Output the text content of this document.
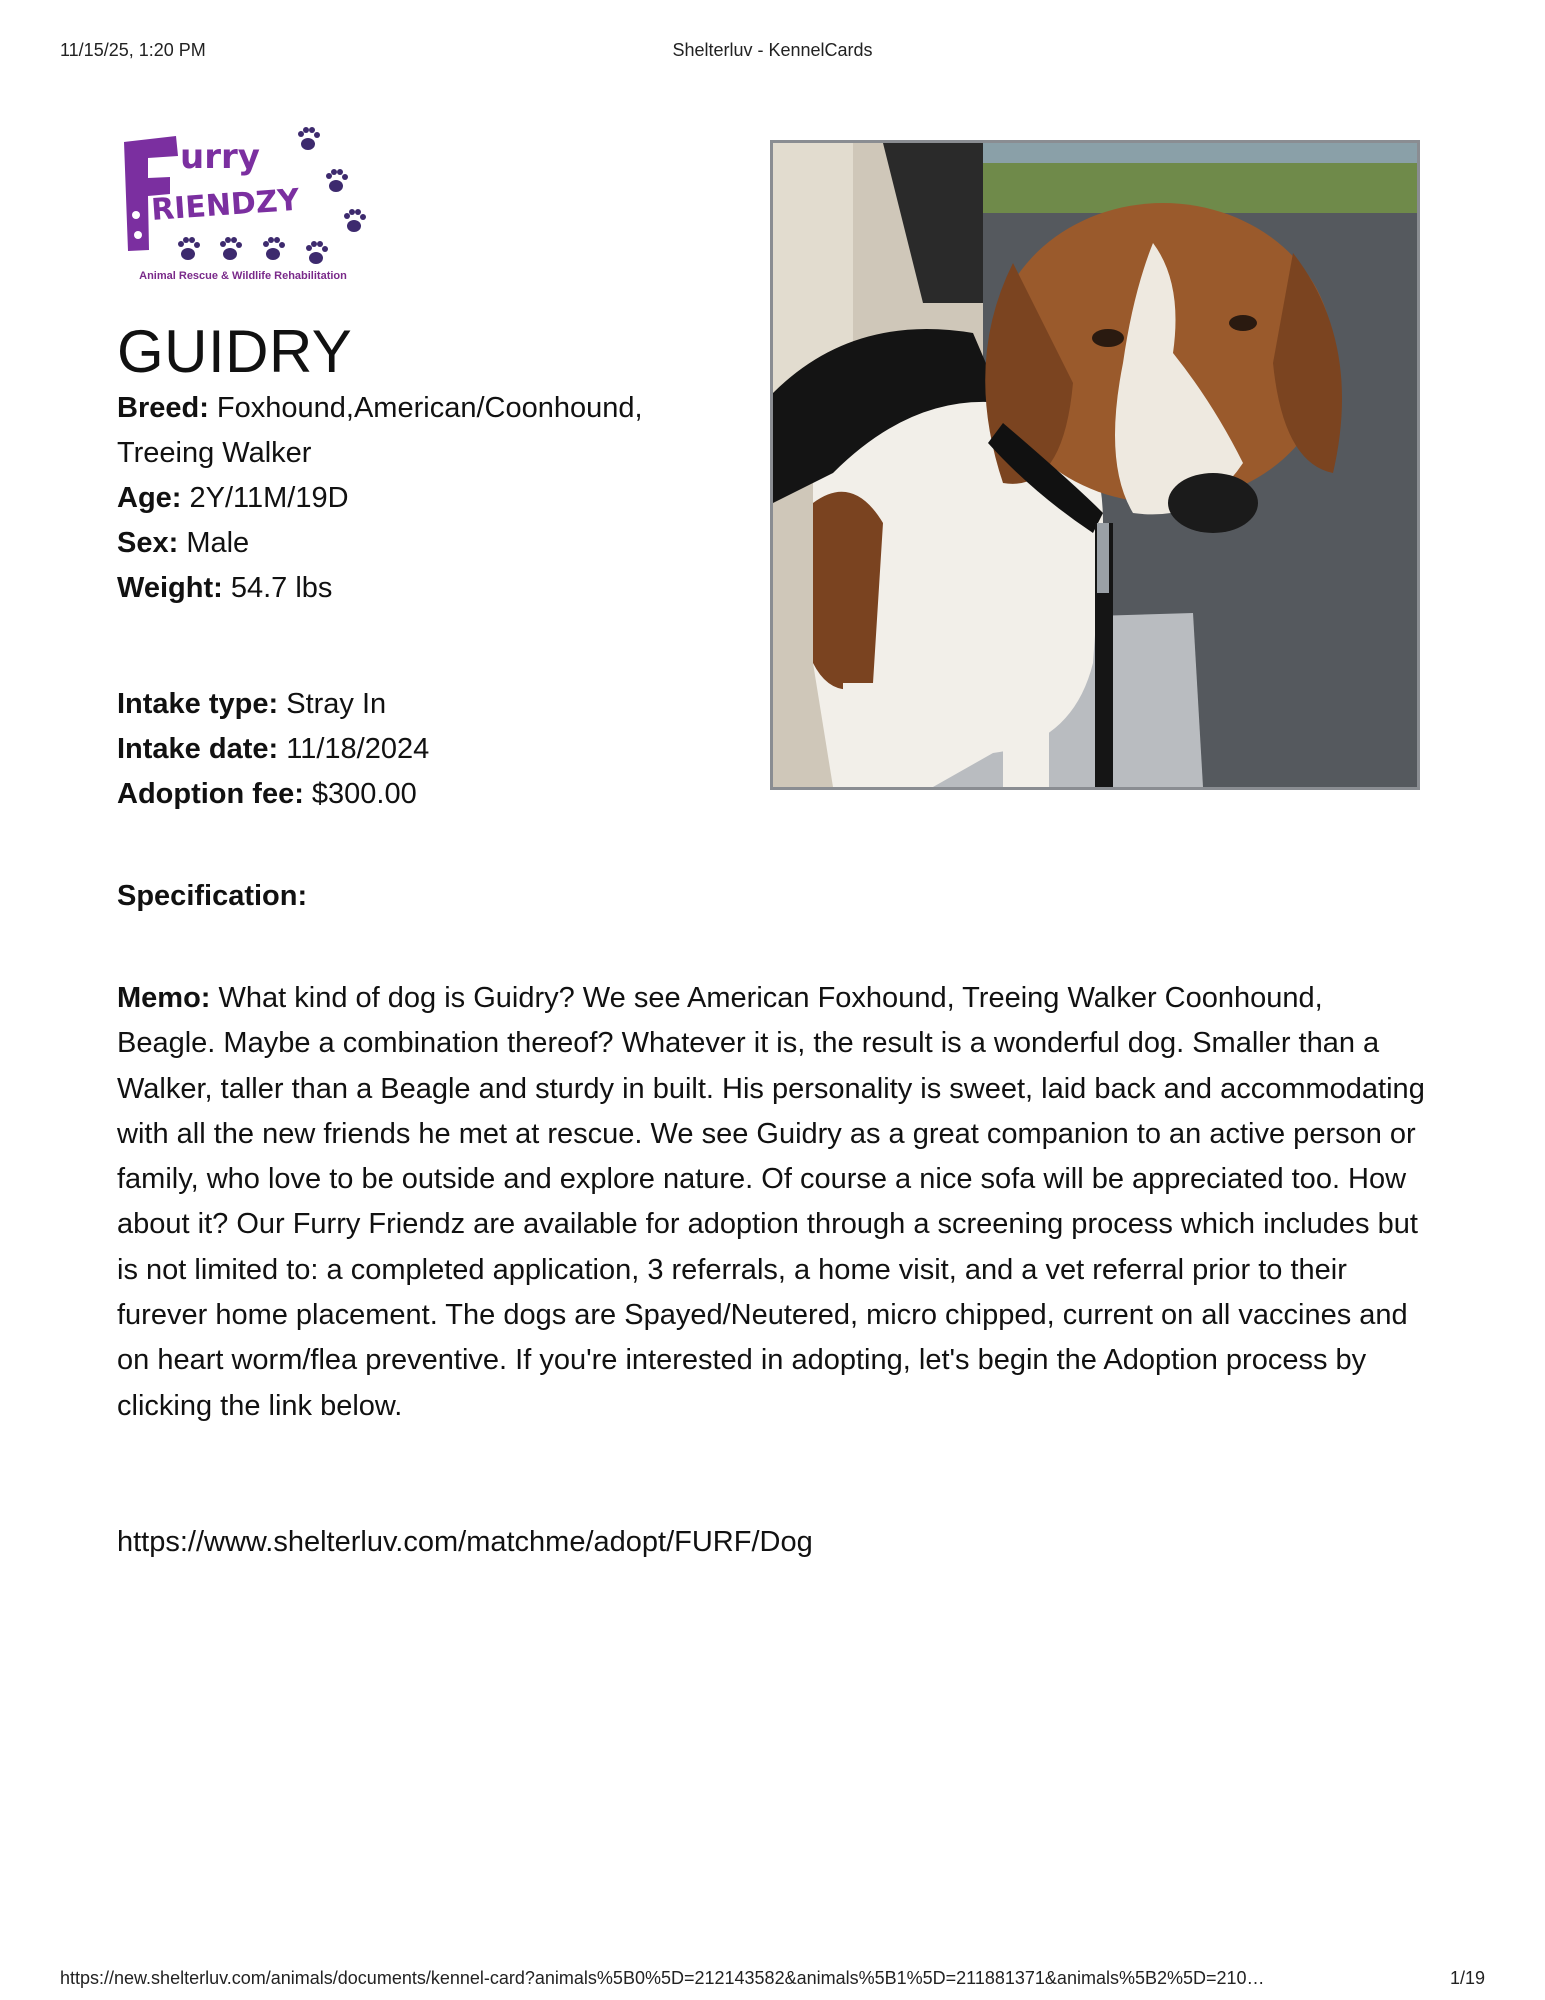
11/15/25, 1:20 PM	Shelterluv - KennelCards
urry
RIENDZY
Animal Rescue & Wildlife Rehabilitation
GUIDRY

Breed: Foxhound,American/Coonhound, Treeing Walker

Age: 2Y/11M/19D

Sex: Male

Weight: 54.7 lbs

Intake type: Stray In

Intake date: 11/18/2024

Adoption fee: $300.00

Specification:
Memo: What kind of dog is Guidry? We see American Foxhound, Treeing Walker Coonhound, Beagle. Maybe a combination thereof? Whatever it is, the result is a wonderful dog. Smaller than a Walker, taller than a Beagle and sturdy in built. His personality is sweet, laid back and accommodating with all the new friends he met at rescue. We see Guidry as a great companion to an active person or family, who love to be outside and explore nature. Of course a nice sofa will be appreciated too. How about it? Our Furry Friendz are available for adoption through a screening process which includes but is not limited to: a completed application, 3 referrals, a home visit, and a vet referral prior to their furever home placement. The dogs are Spayed/Neutered, micro chipped, current on all vaccines and on heart worm/flea preventive. If you're interested in adopting, let's begin the Adoption process by clicking the link below.
https://www.shelterluv.com/matchme/adopt/FURF/Dog
https://new.shelterluv.com/animals/documents/kennel-card?animals%5B0%5D=212143582&animals%5B1%5D=211881371&animals%5B2%5D=210…	1/19
